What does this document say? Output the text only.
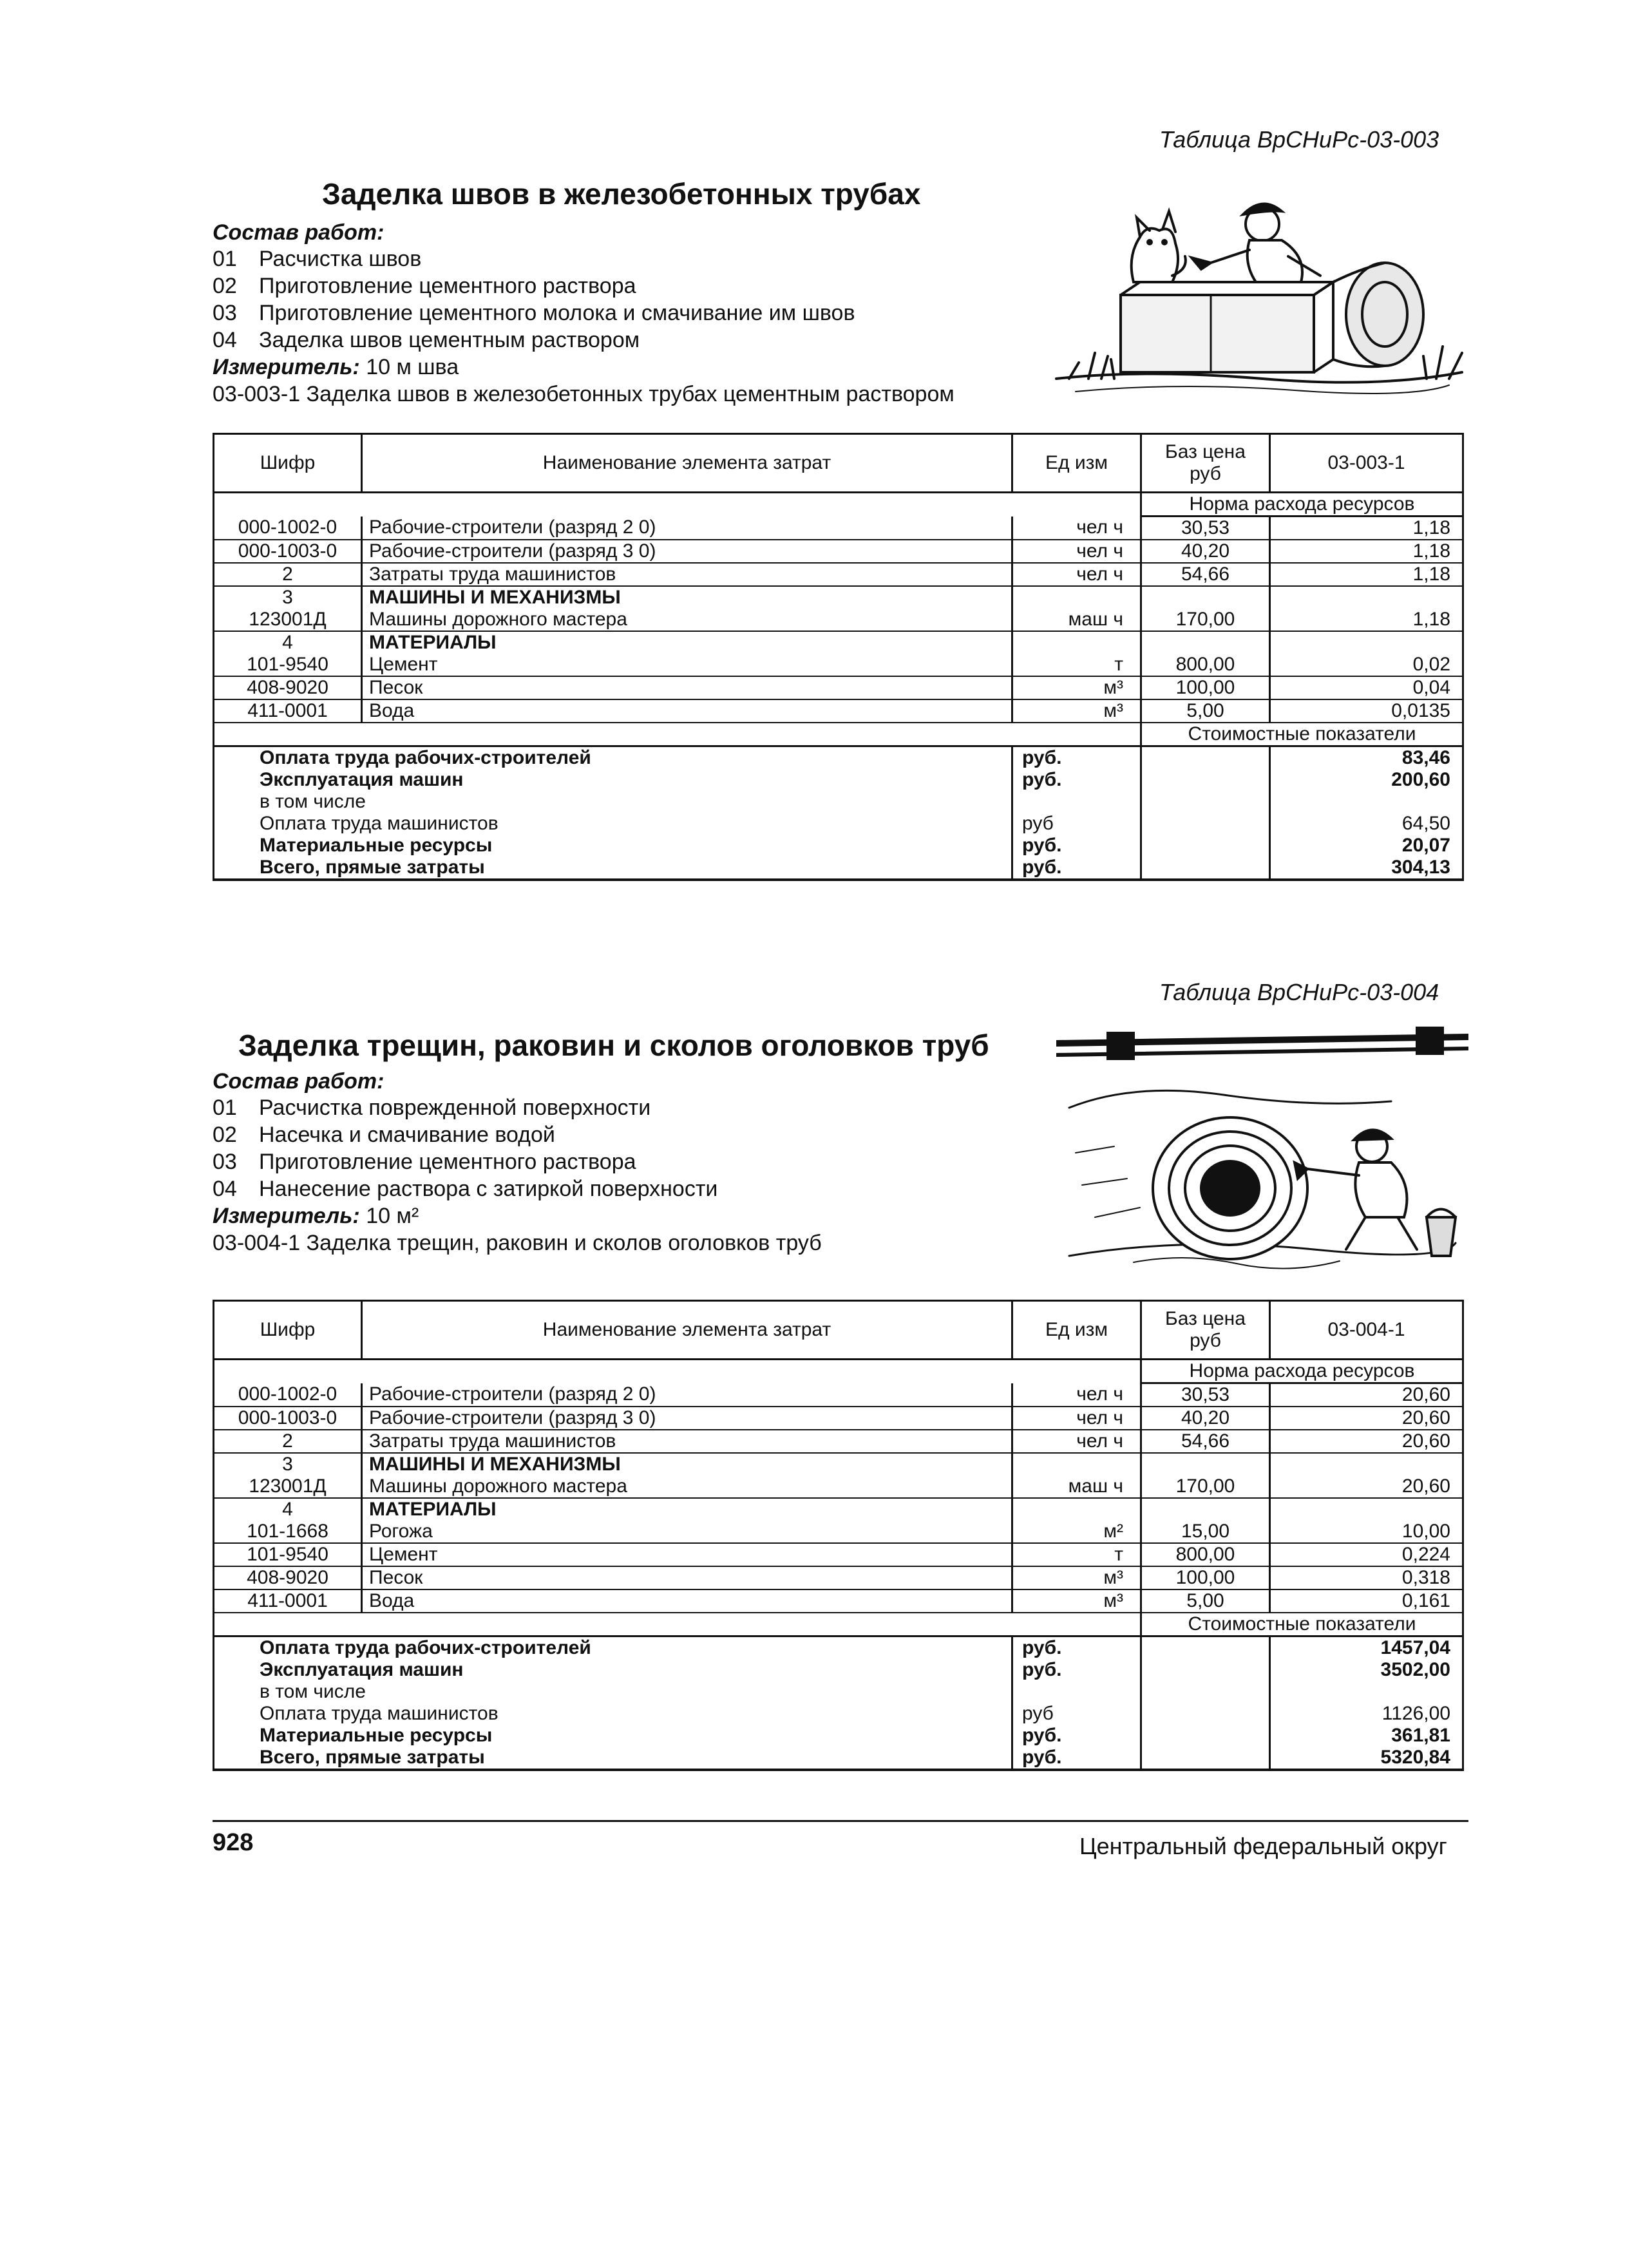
Таблица ВрСНиРс-03-003
Заделка швов в железобетонных трубах
Состав работ:
01 Расчистка швов
02 Приготовление цементного раствора
03 Приготовление цементного молока и смачивание им швов
04 Заделка швов цементным раствором
Измеритель: 10 м шва
03-003-1 Заделка швов в железобетонных трубах цементным раствором
Шифр	Наименование элемента затрат	Ед изм	Баз цена руб	03-003-1
			Норма расхода ресурсов	
000-1002-0	Рабочие-строители (разряд 2 0)	чел ч	30,53	1,18
000-1003-0	Рабочие-строители (разряд 3 0)	чел ч	40,20	1,18
2	Затраты труда машинистов	чел ч	54,66	1,18
3	МАШИНЫ И МЕХАНИЗМЫ			
123001Д	Машины дорожного мастера	маш ч	170,00	1,18
4	МАТЕРИАЛЫ			
101-9540	Цемент	т	800,00	0,02
408-9020	Песок	м³	100,00	0,04
411-0001	Вода	м³	5,00	0,0135
			Стоимостные показатели	
Оплата труда рабочих-строителей		руб.		83,46
Эксплуатация машин		руб.		200,60
в том числе				
Оплата труда машинистов		руб		64,50
Материальные ресурсы		руб.		20,07
Всего, прямые затраты		руб.		304,13
Таблица ВрСНиРс-03-004
Заделка трещин, раковин и сколов оголовков труб
Состав работ:
01 Расчистка поврежденной поверхности
02 Насечка и смачивание водой
03 Приготовление цементного раствора
04 Нанесение раствора с затиркой поверхности
Измеритель: 10 м²
03-004-1 Заделка трещин, раковин и сколов оголовков труб
Шифр	Наименование элемента затрат	Ед изм	Баз цена руб	03-004-1
			Норма расхода ресурсов	
000-1002-0	Рабочие-строители (разряд 2 0)	чел ч	30,53	20,60
000-1003-0	Рабочие-строители (разряд 3 0)	чел ч	40,20	20,60
2	Затраты труда машинистов	чел ч	54,66	20,60
3	МАШИНЫ И МЕХАНИЗМЫ			
123001Д	Машины дорожного мастера	маш ч	170,00	20,60
4	МАТЕРИАЛЫ			
101-1668	Рогожа	м²	15,00	10,00
101-9540	Цемент	т	800,00	0,224
408-9020	Песок	м³	100,00	0,318
411-0001	Вода	м³	5,00	0,161
			Стоимостные показатели	
Оплата труда рабочих-строителей		руб.		1457,04
Эксплуатация машин		руб.		3502,00
в том числе				
Оплата труда машинистов		руб		1126,00
Материальные ресурсы		руб.		361,81
Всего, прямые затраты		руб.		5320,84
928	Центральный федеральный округ
